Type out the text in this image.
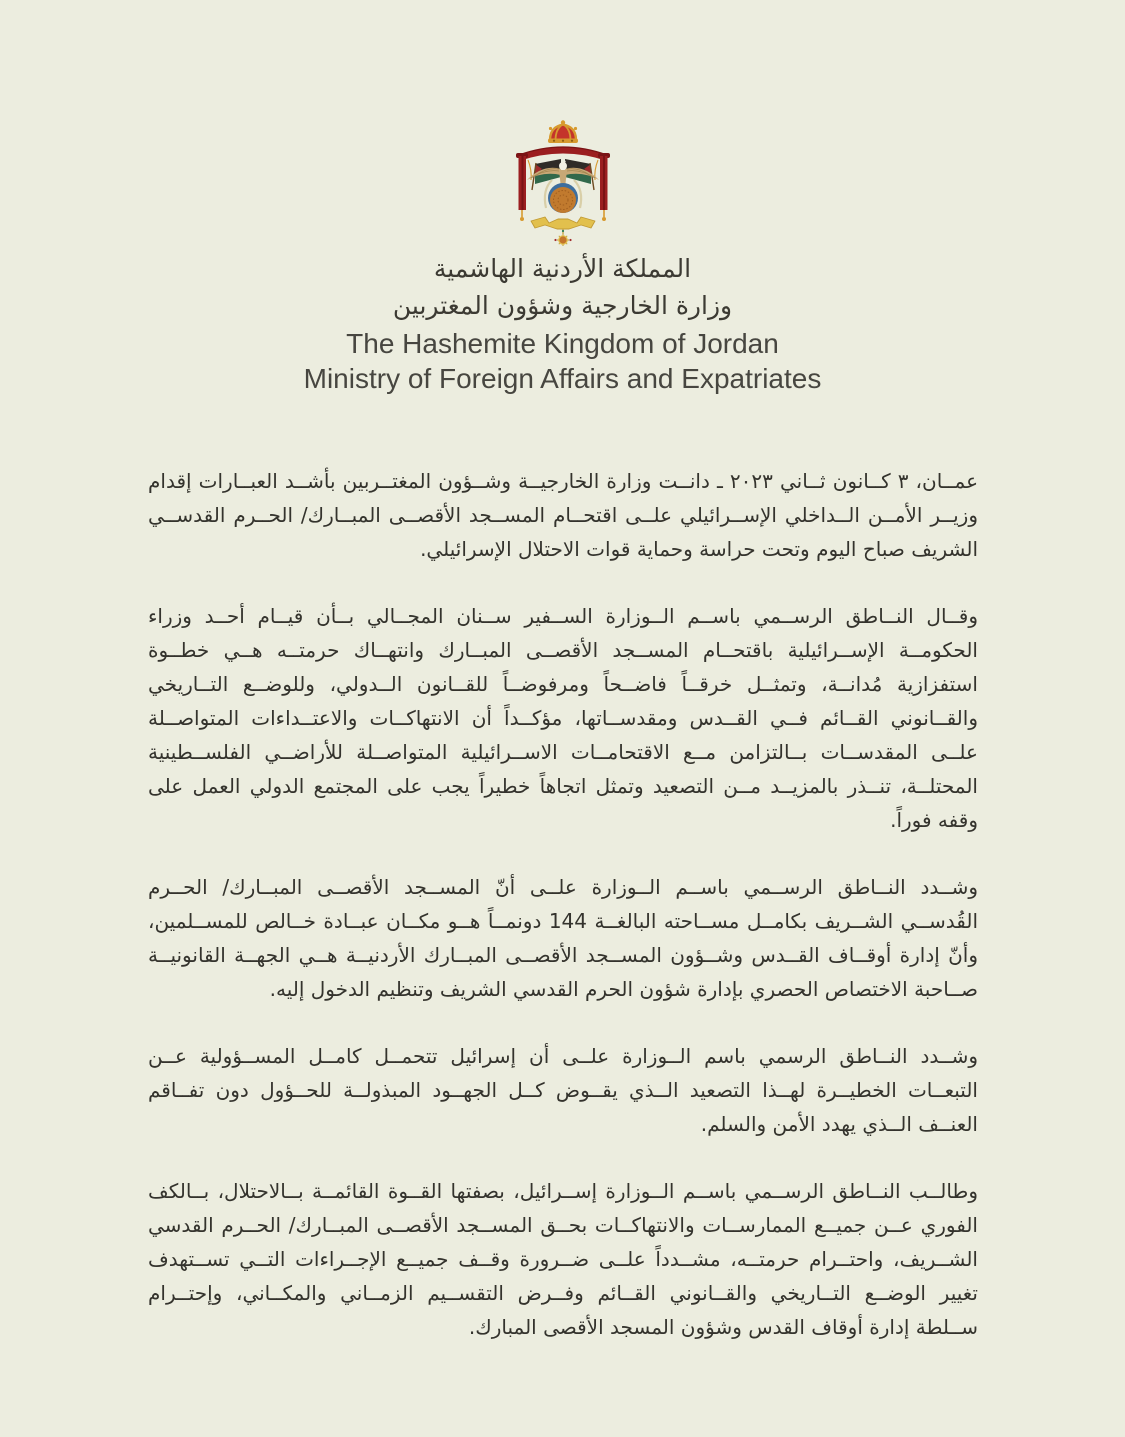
المملكة الأردنية الهاشمية
وزارة الخارجية وشؤون المغتربين
The Hashemite Kingdom of Jordan
Ministry of Foreign Affairs and Expatriates

عمــان، ٣ كــانون ثــاني ٢٠٢٣ ـ دانــت وزارة الخارجيــة وشــؤون المغتــربين بأشــد العبــارات إقدام وزيــر الأمــن الــداخلي الإســرائيلي علــى اقتحــام المســجد الأقصــى المبــارك/ الحــرم القدســي الشريف صباح اليوم وتحت حراسة وحماية قوات الاحتلال الإسرائيلي.

وقــال النــاطق الرســمي باســم الــوزارة الســفير ســنان المجــالي بــأن قيــام أحــد وزراء الحكومــة الإســرائيلية باقتحــام المســجد الأقصــى المبــارك وانتهــاك حرمتــه هــي خطــوة استفزازية مُدانــة، وتمثــل خرقــاً فاضــحاً ومرفوضــاً للقــانون الــدولي، وللوضــع التــاريخي والقــانوني القــائم فــي القــدس ومقدســاتها، مؤكــداً أن الانتهاكــات والاعتــداءات المتواصــلة علــى المقدســات بــالتزامن مــع الاقتحامــات الاســرائيلية المتواصــلة للأراضــي الفلســطينية المحتلــة، تنــذر بالمزيــد مــن التصعيد وتمثل اتجاهاً خطيراً يجب على المجتمع الدولي العمل على وقفه فوراً.

وشــدد النــاطق الرســمي باســم الــوزارة علــى أنّ المســجد الأقصــى المبــارك/ الحــرم القُدســي الشــريف بكامــل مســاحته البالغــة 144 دونمــاً هــو مكــان عبــادة خــالص للمســلمين، وأنّ إدارة أوقــاف القــدس وشــؤون المســجد الأقصــى المبــارك الأردنيــة هــي الجهــة القانونيــة صــاحبة الاختصاص الحصري بإدارة شؤون الحرم القدسي الشريف وتنظيم الدخول إليه.

وشــدد النــاطق الرسمي باسم الــوزارة علــى أن إسرائيل تتحمــل كامــل المســؤولية عــن التبعــات الخطيــرة لهــذا التصعيد الــذي يقــوض كــل الجهــود المبذولــة للحــؤول دون تفــاقم العنــف الــذي يهدد الأمن والسلم.

وطالــب النــاطق الرســمي باســم الــوزارة إســرائيل، بصفتها القــوة القائمــة بــالاحتلال، بــالكف الفوري عــن جميــع الممارســات والانتهاكــات بحــق المســجد الأقصــى المبــارك/ الحــرم القدسي الشــريف، واحتــرام حرمتــه، مشــدداً علــى ضــرورة وقــف جميــع الإجــراءات التــي تســتهدف تغيير الوضــع التــاريخي والقــانوني القــائم وفــرض التقســيم الزمــاني والمكــاني، وإحتــرام ســلطة إدارة أوقاف القدس وشؤون المسجد الأقصى المبارك.
